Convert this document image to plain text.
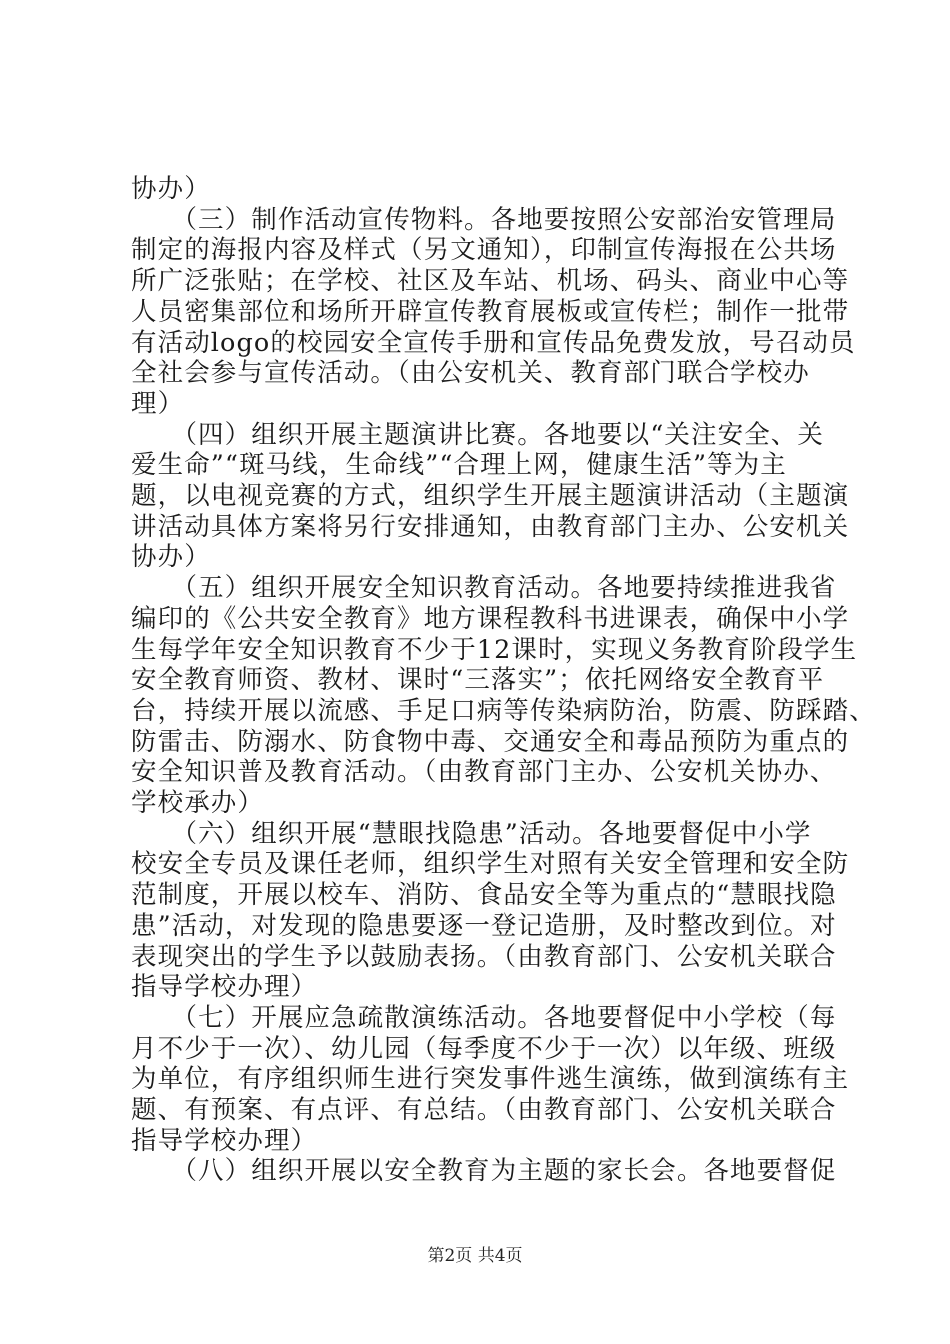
协办）
　　（三）制作活动宣传物料。各地要按照公安部治安管理局
制定的海报内容及样式（另文通知），印制宣传海报在公共场
所广泛张贴；在学校、社区及车站、机场、码头、商业中心等
人员密集部位和场所开辟宣传教育展板或宣传栏；制作一批带
有活动logo的校园安全宣传手册和宣传品免费发放，号召动员
全社会参与宣传活动。（由公安机关、教育部门联合学校办
理）
　　（四）组织开展主题演讲比赛。各地要以“关注安全、关
爱生命”“斑马线，生命线”“合理上网，健康生活”等为主
题，以电视竞赛的方式，组织学生开展主题演讲活动（主题演
讲活动具体方案将另行安排通知，由教育部门主办、公安机关
协办）
　　（五）组织开展安全知识教育活动。各地要持续推进我省
编印的《公共安全教育》地方课程教科书进课表，确保中小学
生每学年安全知识教育不少于12课时，实现义务教育阶段学生
安全教育师资、教材、课时“三落实”；依托网络安全教育平
台，持续开展以流感、手足口病等传染病防治，防震、防踩踏、
防雷击、防溺水、防食物中毒、交通安全和毒品预防为重点的
安全知识普及教育活动。（由教育部门主办、公安机关协办、
学校承办）
　　（六）组织开展“慧眼找隐患”活动。各地要督促中小学
校安全专员及课任老师，组织学生对照有关安全管理和安全防
范制度，开展以校车、消防、食品安全等为重点的“慧眼找隐
患”活动，对发现的隐患要逐一登记造册，及时整改到位。对
表现突出的学生予以鼓励表扬。（由教育部门、公安机关联合
指导学校办理）
　　（七）开展应急疏散演练活动。各地要督促中小学校（每
月不少于一次）、幼儿园（每季度不少于一次）以年级、班级
为单位，有序组织师生进行突发事件逃生演练，做到演练有主
题、有预案、有点评、有总结。（由教育部门、公安机关联合
指导学校办理）
　　（八）组织开展以安全教育为主题的家长会。各地要督促
第2页 共4页
